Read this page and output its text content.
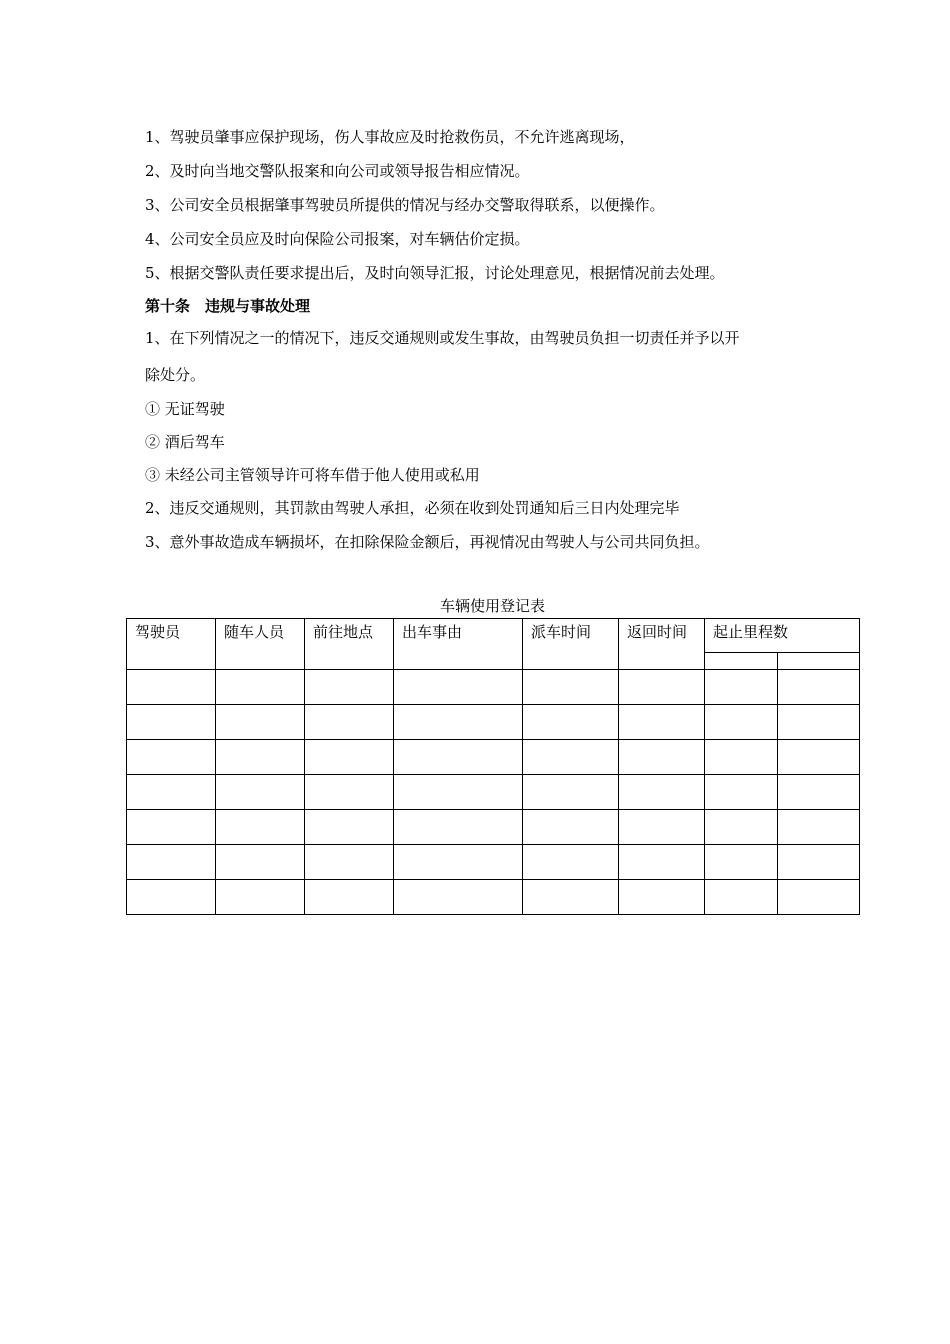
1、驾驶员肇事应保护现场，伤人事故应及时抢救伤员，不允许逃离现场，
2、及时向当地交警队报案和向公司或领导报告相应情况。
3、公司安全员根据肇事驾驶员所提供的情况与经办交警取得联系，以便操作。
4、公司安全员应及时向保险公司报案，对车辆估价定损。
5、根据交警队责任要求提出后，及时向领导汇报，讨论处理意见，根据情况前去处理。
第十条　违规与事故处理
1、在下列情况之一的情况下，违反交通规则或发生事故，由驾驶员负担一切责任并予以开
除处分。
① 无证驾驶
② 酒后驾车
③ 未经公司主管领导许可将车借于他人使用或私用
2、违反交通规则，其罚款由驾驶人承担，必须在收到处罚通知后三日内处理完毕
3、意外事故造成车辆损坏，在扣除保险金额后，再视情况由驾驶人与公司共同负担。
车辆使用登记表
驾驶员	随车人员	前往地点	出车事由	派车时间	返回时间	起止里程数	
